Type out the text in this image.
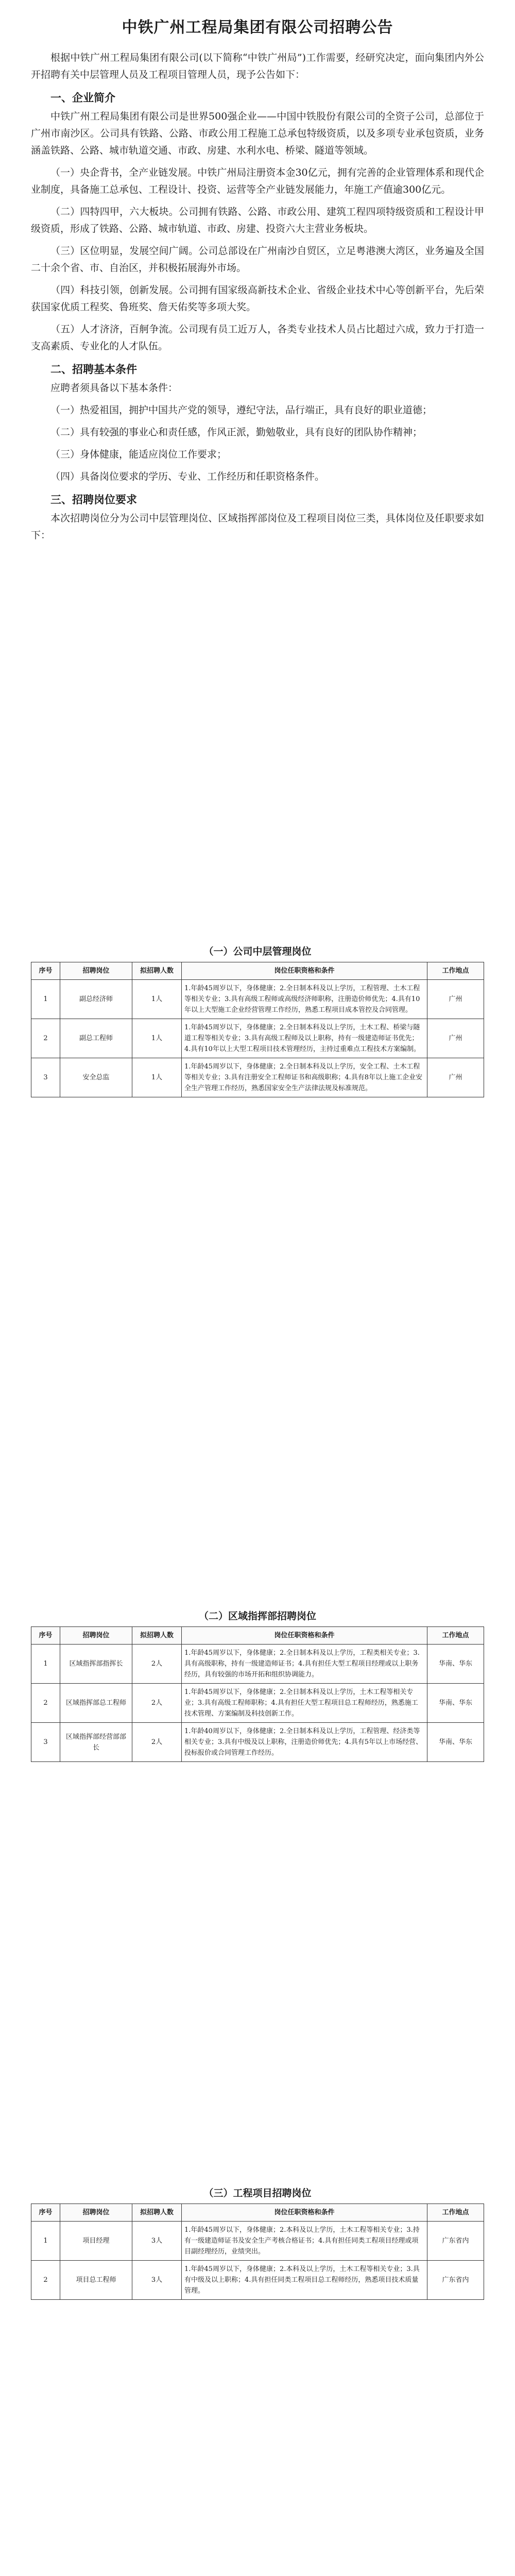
中铁广州工程局集团有限公司招聘公告

根据中铁广州工程局集团有限公司(以下简称“中铁广州局”)工作需要，经研究决定，面向集团内外公开招聘有关中层管理人员及工程项目管理人员，现予公告如下：

一、企业简介

中铁广州工程局集团有限公司是世界500强企业——中国中铁股份有限公司的全资子公司，总部位于广州市南沙区。公司具有铁路、公路、市政公用工程施工总承包特级资质，以及多项专业承包资质，业务涵盖铁路、公路、城市轨道交通、市政、房建、水利水电、桥梁、隧道等领域。

（一）央企背书，全产业链发展。中铁广州局注册资本金30亿元，拥有完善的企业管理体系和现代企业制度，具备施工总承包、工程设计、投资、运营等全产业链发展能力，年施工产值逾300亿元。

（二）四特四甲，六大板块。公司拥有铁路、公路、市政公用、建筑工程四项特级资质和工程设计甲级资质，形成了铁路、公路、城市轨道、市政、房建、投资六大主营业务板块。

（三）区位明显，发展空间广阔。公司总部设在广州南沙自贸区，立足粤港澳大湾区，业务遍及全国二十余个省、市、自治区，并积极拓展海外市场。

（四）科技引领，创新发展。公司拥有国家级高新技术企业、省级企业技术中心等创新平台，先后荣获国家优质工程奖、鲁班奖、詹天佑奖等多项大奖。

（五）人才济济，百舸争流。公司现有员工近万人，各类专业技术人员占比超过六成，致力于打造一支高素质、专业化的人才队伍。

二、招聘基本条件

应聘者须具备以下基本条件：

（一）热爱祖国，拥护中国共产党的领导，遵纪守法，品行端正，具有良好的职业道德；

（二）具有较强的事业心和责任感，作风正派，勤勉敬业，具有良好的团队协作精神；

（三）身体健康，能适应岗位工作要求；

（四）具备岗位要求的学历、专业、工作经历和任职资格条件。

三、招聘岗位要求

本次招聘岗位分为公司中层管理岗位、区域指挥部岗位及工程项目岗位三类，具体岗位及任职要求如下：

（一）公司中层管理岗位
序号	招聘岗位	拟招聘人数	岗位任职资格和条件	工作地点
1	副总经济师	1人	1.年龄45周岁以下，身体健康；2.全日制本科及以上学历，工程管理、土木工程等相关专业；3.具有高级工程师或高级经济师职称，注册造价师优先；4.具有10年以上大型施工企业经营管理工作经历，熟悉工程项目成本管控及合同管理。	广州
2	副总工程师	1人	1.年龄45周岁以下，身体健康；2.全日制本科及以上学历，土木工程、桥梁与隧道工程等相关专业；3.具有高级工程师及以上职称，持有一级建造师证书优先；4.具有10年以上大型工程项目技术管理经历，主持过重难点工程技术方案编制。	广州
3	安全总监	1人	1.年龄45周岁以下，身体健康；2.全日制本科及以上学历，安全工程、土木工程等相关专业；3.具有注册安全工程师证书和高级职称；4.具有8年以上施工企业安全生产管理工作经历，熟悉国家安全生产法律法规及标准规范。	广州
（二）区域指挥部招聘岗位
序号	招聘岗位	拟招聘人数	岗位任职资格和条件	工作地点
1	区域指挥部指挥长	2人	1.年龄45周岁以下，身体健康；2.全日制本科及以上学历，工程类相关专业；3.具有高级职称，持有一级建造师证书；4.具有担任大型工程项目经理或以上职务经历，具有较强的市场开拓和组织协调能力。	华南、华东
2	区域指挥部总工程师	2人	1.年龄45周岁以下，身体健康；2.全日制本科及以上学历，土木工程等相关专业；3.具有高级工程师职称；4.具有担任大型工程项目总工程师经历，熟悉施工技术管理、方案编制及科技创新工作。	华南、华东
3	区域指挥部经营部部长	2人	1.年龄40周岁以下，身体健康；2.全日制本科及以上学历，工程管理、经济类等相关专业；3.具有中级及以上职称，注册造价师优先；4.具有5年以上市场经营、投标报价或合同管理工作经历。	华南、华东
（三）工程项目招聘岗位
序号	招聘岗位	拟招聘人数	岗位任职资格和条件	工作地点
1	项目经理	3人	1.年龄45周岁以下，身体健康；2.本科及以上学历，土木工程等相关专业；3.持有一级建造师证书及安全生产考核合格证书；4.具有担任同类工程项目经理或项目副经理经历，业绩突出。	广东省内
2	项目总工程师	3人	1.年龄45周岁以下，身体健康；2.本科及以上学历，土木工程等相关专业；3.具有中级及以上职称；4.具有担任同类工程项目总工程师经历，熟悉项目技术质量管理。	广东省内
